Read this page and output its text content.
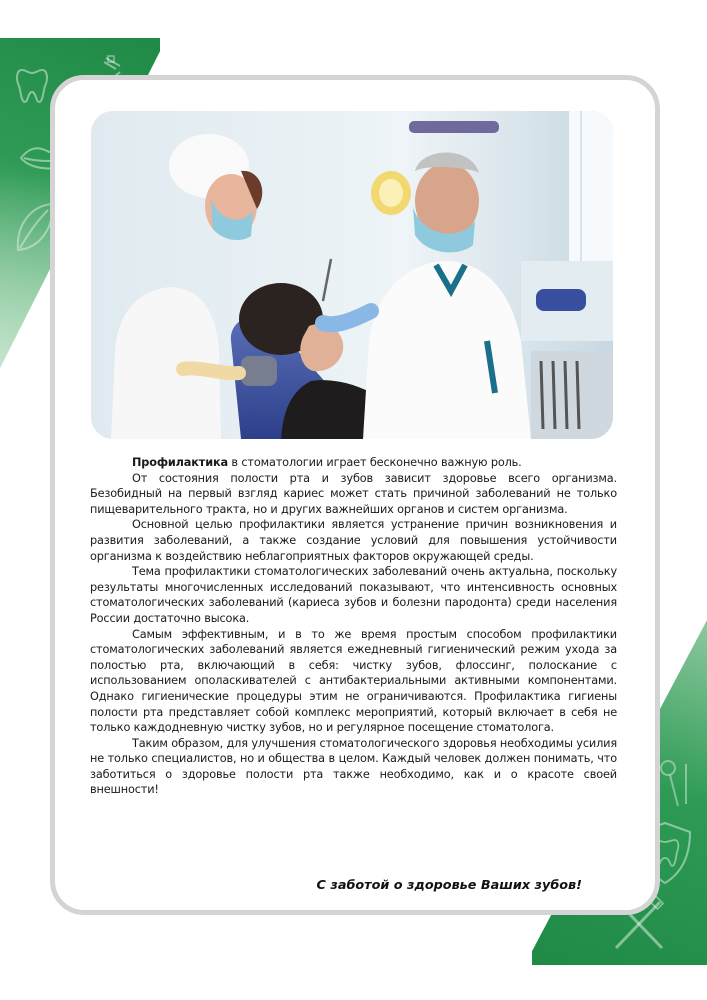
Профилактика в стоматологии играет бесконечно важную роль.

От состояния полости рта и зубов зависит здоровье всего организма. Безобидный на первый взгляд кариес может стать причиной заболеваний не только пищеварительного тракта, но и других важнейших органов и систем организма.

Основной целью профилактики является устранение причин возникновения и развития заболеваний, а также создание условий для повышения устойчивости организма к воздействию неблагоприятных факторов окружающей среды.

Тема профилактики стоматологических заболеваний очень актуальна, поскольку результаты многочисленных исследований показывают, что интенсивность основных стоматологических заболеваний (кариеса зубов и болезни пародонта) среди населения России достаточно высока.

Самым эффективным, и в то же время простым способом профилактики стоматологических заболеваний является ежедневный гигиенический режим ухода за полостью рта, включающий в себя: чистку зубов, флоссинг, полоскание с использованием ополаскивателей с антибактериальными активными компонентами. Однако гигиенические процедуры этим не ограничиваются. Профилактика гигиены полости рта представляет собой комплекс мероприятий, который включает в себя не только каждодневную чистку зубов, но и регулярное посещение стоматолога.

Таким образом, для улучшения стоматологического здоровья необходимы усилия не только специалистов, но и общества в целом. Каждый человек должен понимать, что заботиться о здоровье полости рта также необходимо, как и о красоте своей внешности!

С заботой о здоровье Ваших зубов!
